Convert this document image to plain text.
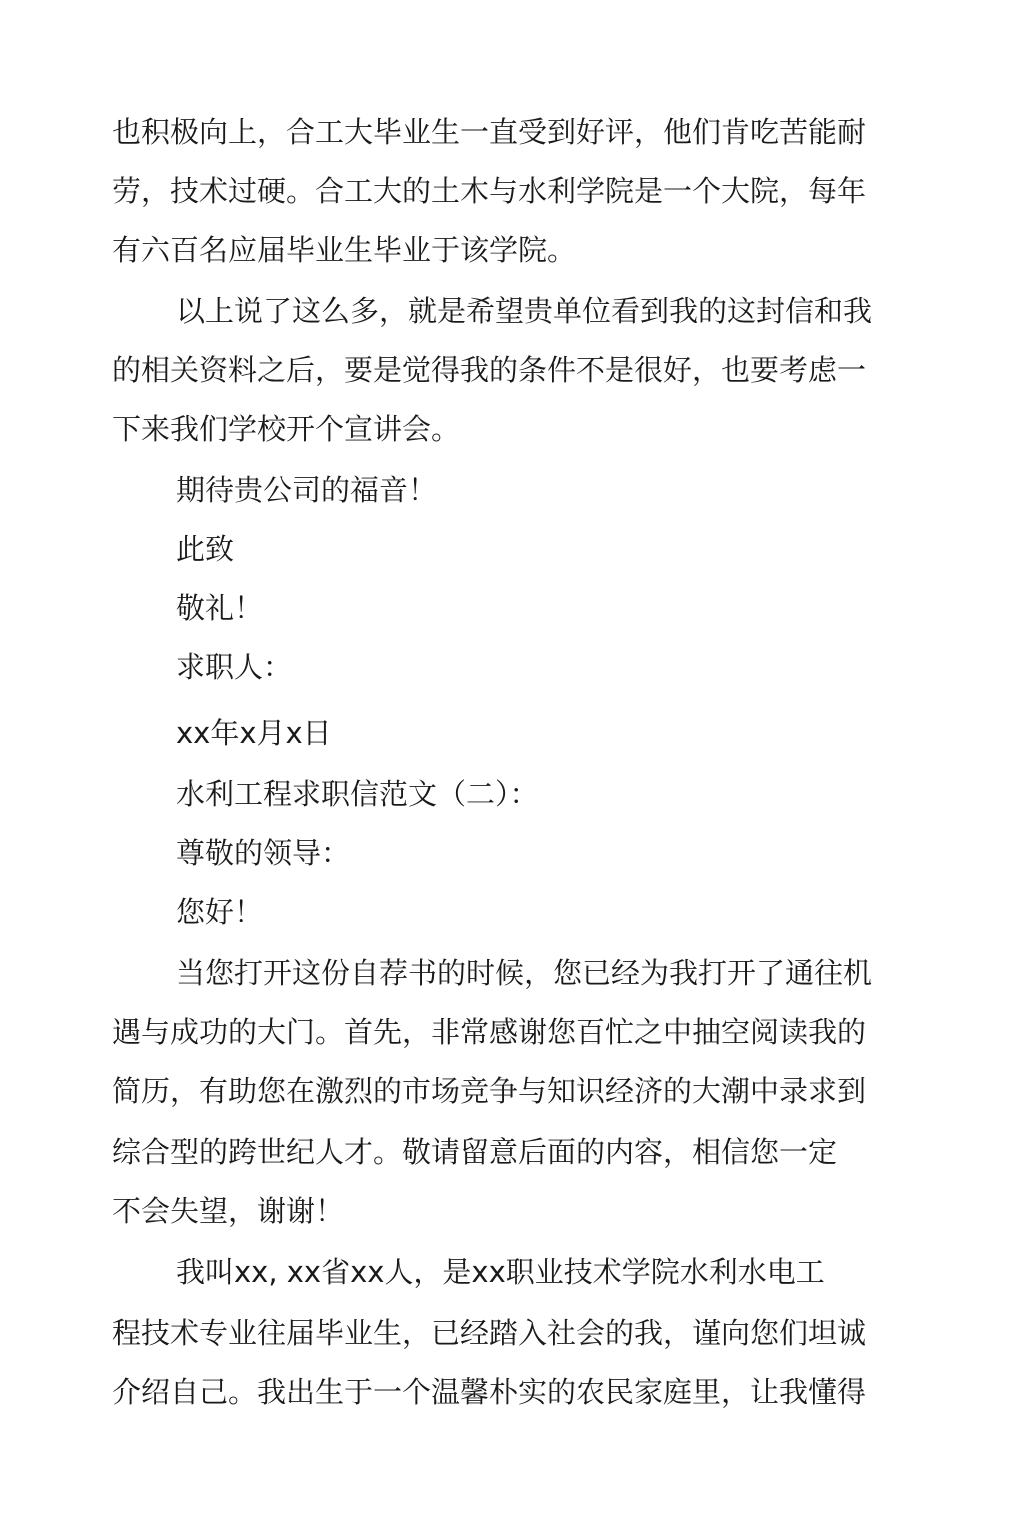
也积极向上，合工大毕业生一直受到好评，他们肯吃苦能耐
劳，技术过硬。合工大的土木与水利学院是一个大院，每年
有六百名应届毕业生毕业于该学院。
以上说了这么多，就是希望贵单位看到我的这封信和我
的相关资料之后，要是觉得我的条件不是很好，也要考虑一
下来我们学校开个宣讲会。
期待贵公司的福音！
此致
敬礼！
求职人：
xx年x月x日
水利工程求职信范文（二）：
尊敬的领导：
您好！
当您打开这份自荐书的时候，您已经为我打开了通往机
遇与成功的大门。首先，非常感谢您百忙之中抽空阅读我的
简历，有助您在激烈的市场竞争与知识经济的大潮中录求到
综合型的跨世纪人才。敬请留意后面的内容，相信您一定
不会失望，谢谢！
我叫xx, xx省xx人，是xx职业技术学院水利水电工
程技术专业往届毕业生，已经踏入社会的我，谨向您们坦诚
介绍自己。我出生于一个温馨朴实的农民家庭里，让我懂得
